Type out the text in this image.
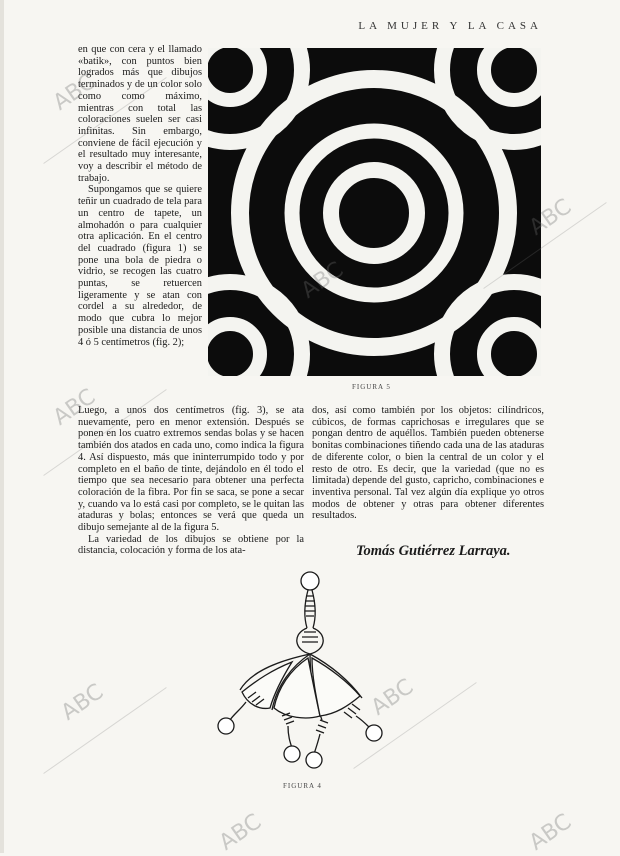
LA MUJER Y LA CASA

en que con cera y el llamado «batik», con puntos bien logrados más que dibujos terminados y de un color solo como como máximo, mientras con total las coloraciones suelen ser casi infinitas. Sin embargo, conviene de fácil ejecución y el resultado muy interesante, voy a describir el método de trabajo.

Supongamos que se quiere teñir un cuadrado de tela para un centro de tapete, un almohadón o para cualquier otra aplicación. En el centro del cuadrado (figura 1) se pone una bola de piedra o vidrio, se recogen las cuatro puntas, se retuercen ligeramente y se atan con cordel a su alrededor, de modo que cubra lo mejor posible una distancia de unos 4 ó 5 centímetros (fig. 2);

FIGURA 5

Luego, a unos dos centímetros (fig. 3), se ata nuevamente, pero en menor extensión. Después se ponen en los cuatro extremos sendas bolas y se hacen también dos atados en cada uno, como indica la figura 4. Así dispuesto, más que ininterrumpido todo y por completo en el baño de tinte, dejándolo en él todo el tiempo que sea necesario para obtener una perfecta coloración de la fibra. Por fin se saca, se pone a secar y, cuando va lo está casi por completo, se le quitan las ataduras y bolas; entonces se verá que queda un dibujo semejante al de la figura 5.

La variedad de los dibujos se obtiene por la distancia, colocación y forma de los ata-

dos, así como también por los objetos: cilíndricos, cúbicos, de formas caprichosas e irregulares que se pongan dentro de aquéllos. También pueden obtenerse bonitas combinaciones tiñendo cada una de las ataduras de diferente color, o bien la central de un color y el resto de otro. Es decir, que la variedad (que no es limitada) depende del gusto, capricho, combinaciones e inventiva personal. Tal vez algún día explique yo otros modos de obtener y otras para obtener diferentes resultados.

Tomás Gutiérrez Larraya.
FIGURA 4
ABC
ABC
ABC
ABC
ABC	ABC
ABC	ABC
